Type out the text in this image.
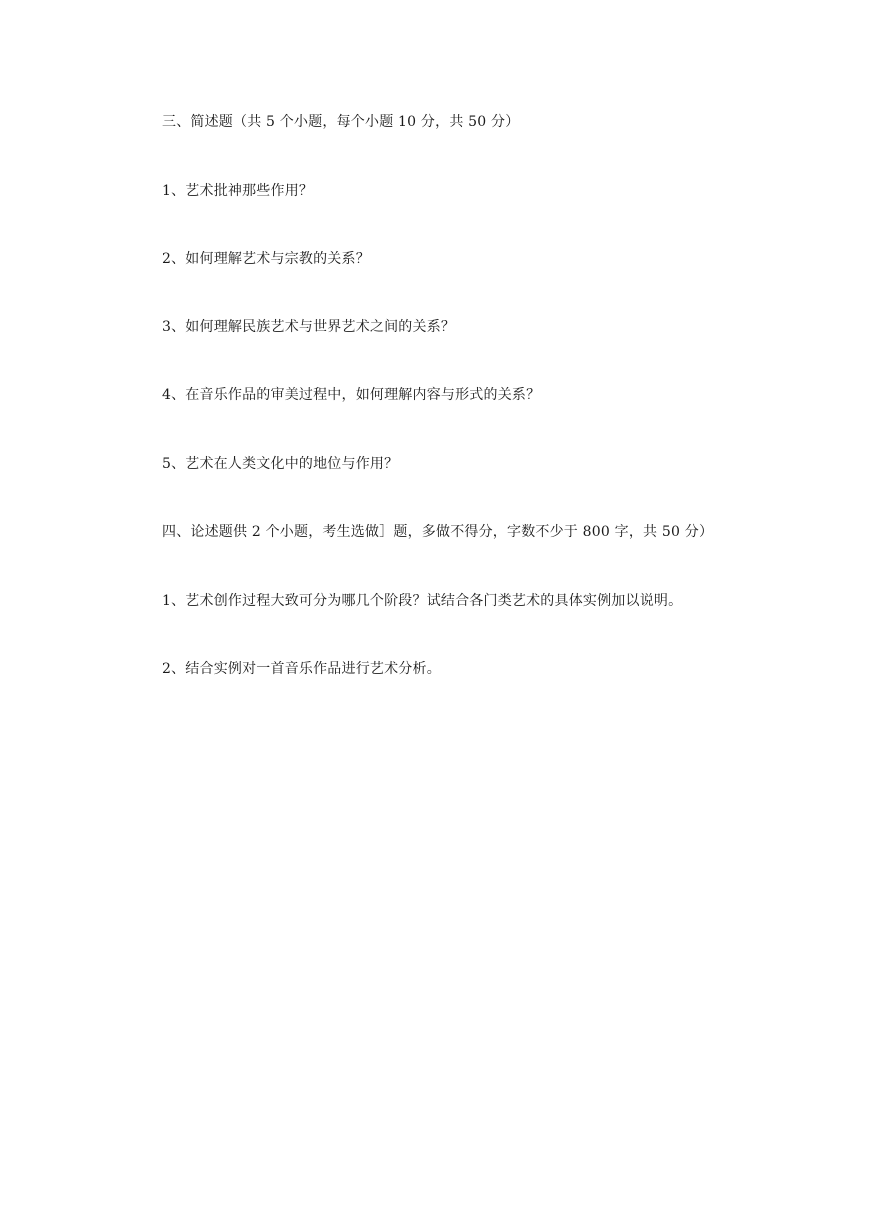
三、简述题（共 5 个小题，每个小题 10 分，共 50 分）
1、艺术批神那些作用？
2、如何理解艺术与宗教的关系？
3、如何理解民族艺术与世界艺术之间的关系？
4、在音乐作品的审美过程中，如何理解内容与形式的关系？
5、艺术在人类文化中的地位与作用？
四、论述题供 2 个小题，考生选做］题，多做不得分，字数不少于 800 字，共 50 分）
1、艺术创作过程大致可分为哪几个阶段？试结合各门类艺术的具体实例加以说明。
2、结合实例对一首音乐作品进行艺术分析。
